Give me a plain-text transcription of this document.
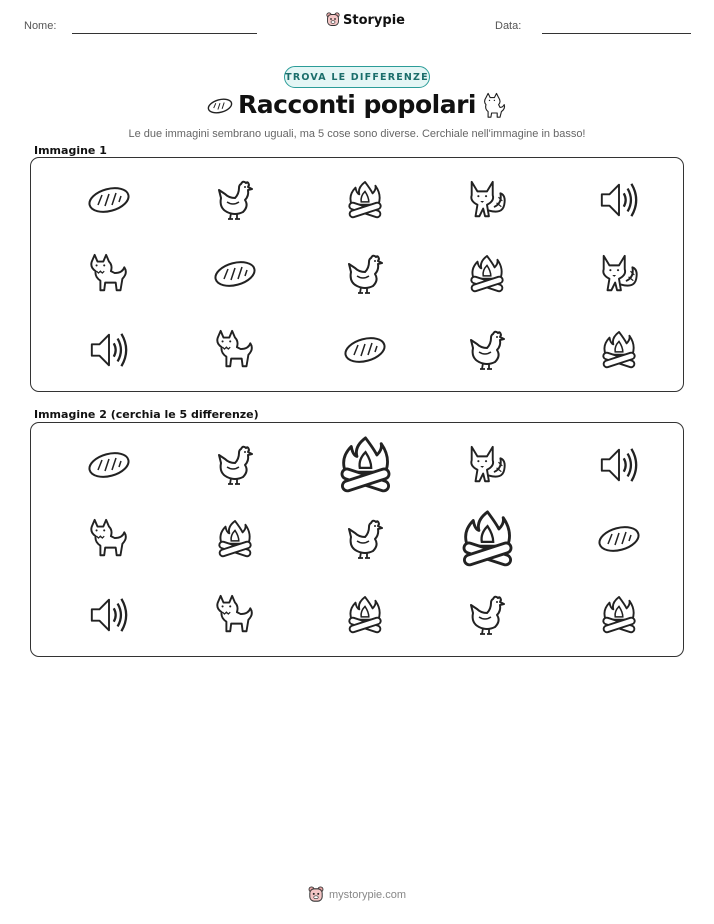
Nome:	Storypie	Data:
TROVA LE DIFFERENZE
Racconti popolari
Le due immagini sembrano uguali, ma 5 cose sono diverse. Cerchiale nell'immagine in basso!
Immagine 1
Immagine 2 (cerchia le 5 differenze)
mystorypie.com
